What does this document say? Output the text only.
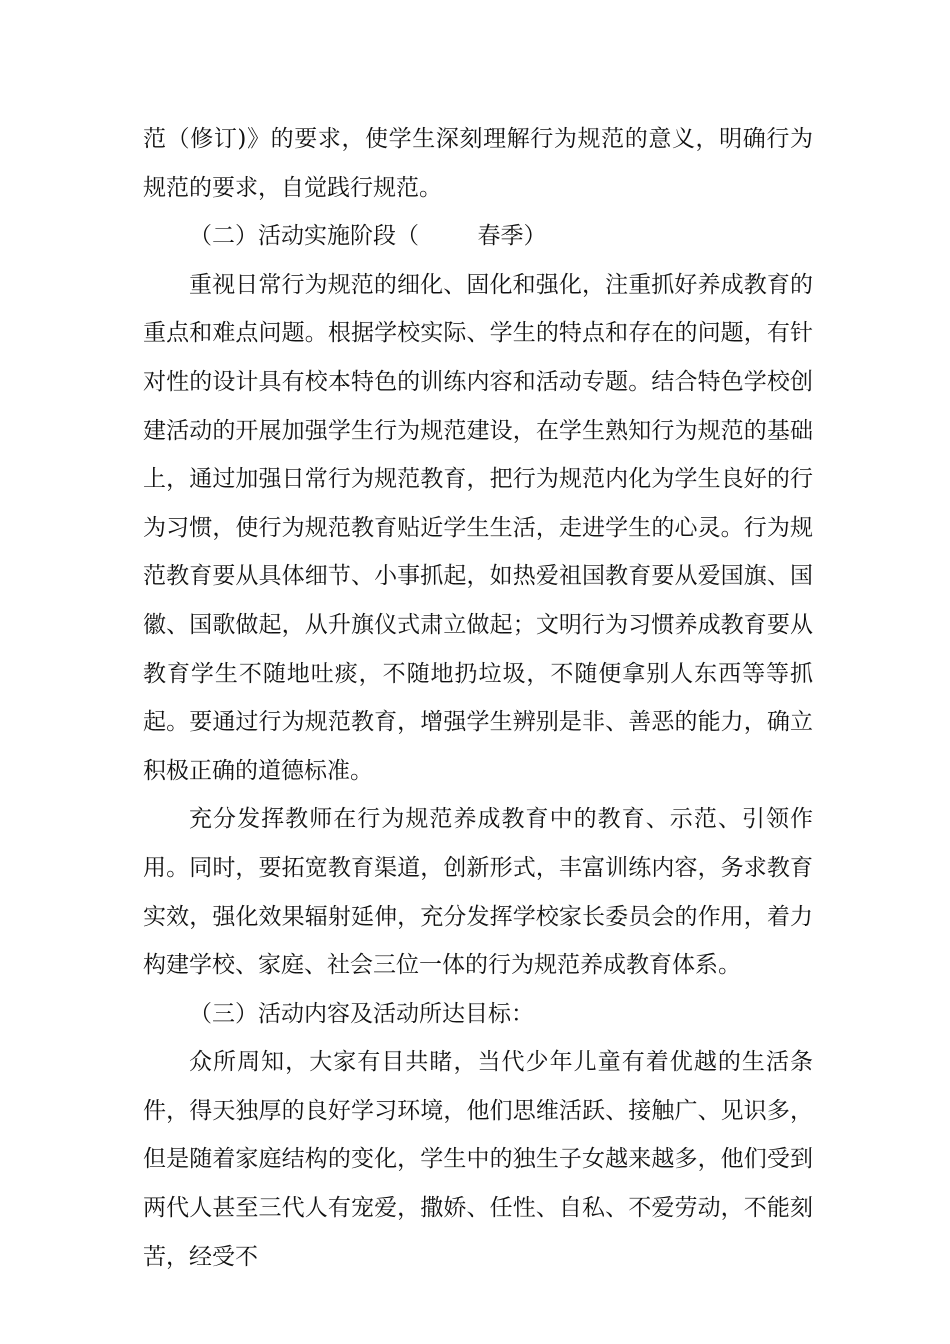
范（修订)》的要求，使学生深刻理解行为规范的意义，明确行为规范的要求，自觉践行规范。

（二）活动实施阶段（	春季）

重视日常行为规范的细化、固化和强化，注重抓好养成教育的重点和难点问题。根据学校实际、学生的特点和存在的问题，有针对性的设计具有校本特色的训练内容和活动专题。结合特色学校创建活动的开展加强学生行为规范建设，在学生熟知行为规范的基础上，通过加强日常行为规范教育，把行为规范内化为学生良好的行为习惯，使行为规范教育贴近学生生活，走进学生的心灵。行为规范教育要从具体细节、小事抓起，如热爱祖国教育要从爱国旗、国徽、国歌做起，从升旗仪式肃立做起；文明行为习惯养成教育要从教育学生不随地吐痰，不随地扔垃圾，不随便拿别人东西等等抓起。要通过行为规范教育，增强学生辨别是非、善恶的能力，确立积极正确的道德标准。

充分发挥教师在行为规范养成教育中的教育、示范、引领作用。同时，要拓宽教育渠道，创新形式，丰富训练内容，务求教育实效，强化效果辐射延伸，充分发挥学校家长委员会的作用，着力构建学校、家庭、社会三位一体的行为规范养成教育体系。

（三）活动内容及活动所达目标：

众所周知，大家有目共睹，当代少年儿童有着优越的生活条件，得天独厚的良好学习环境，他们思维活跃、接触广、见识多，但是随着家庭结构的变化，学生中的独生子女越来越多，他们受到两代人甚至三代人有宠爱，撒娇、任性、自私、不爱劳动，不能刻苦，经受不
